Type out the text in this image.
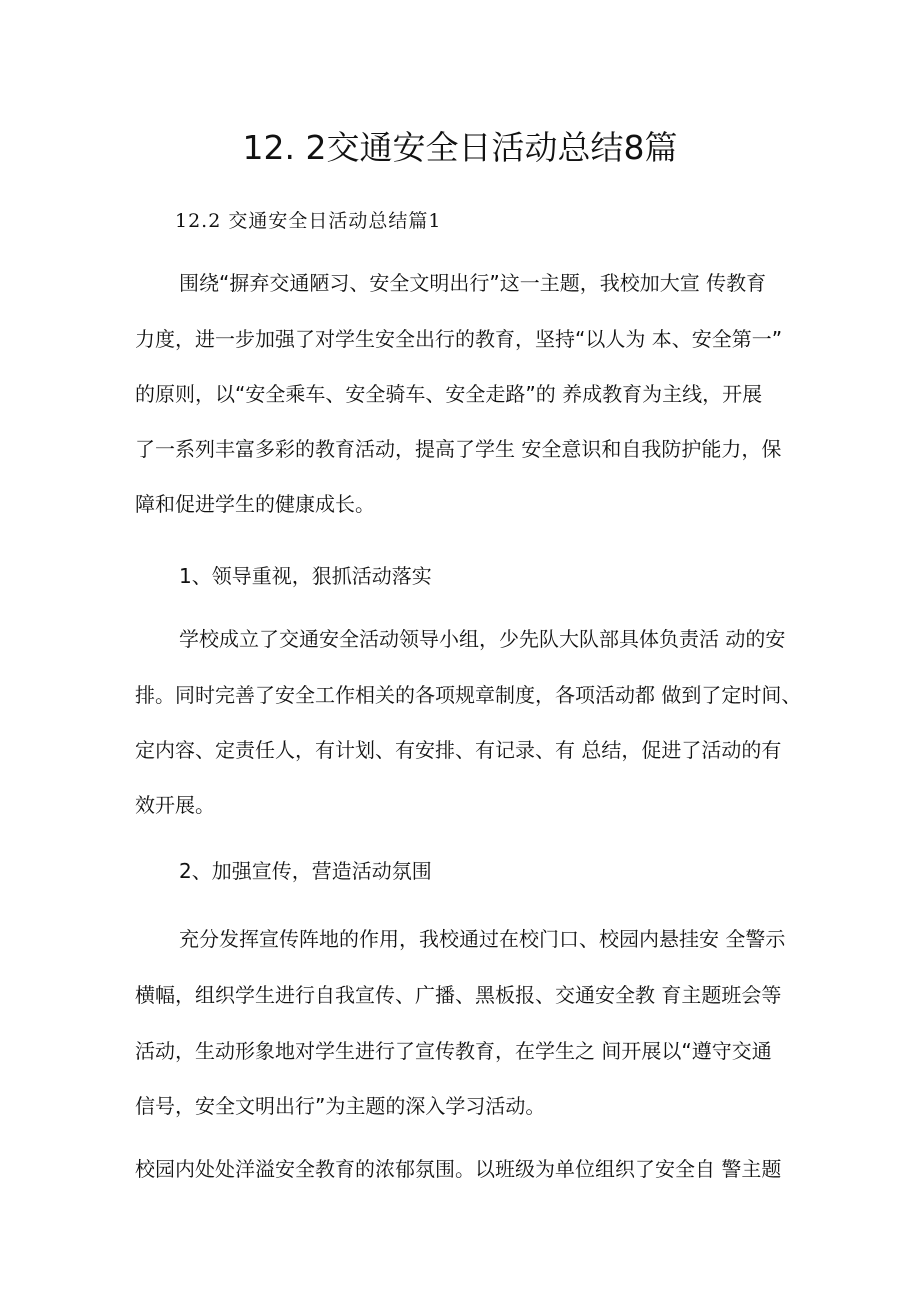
12. 2交通安全日活动总结8篇
12.2 交通安全日活动总结篇1
围绕“摒弃交通陋习、安全文明出行”这一主题，我校加大宣 传教育
力度，进一步加强了对学生安全出行的教育，坚持“以人为 本、安全第一”
的原则，以“安全乘车、安全骑车、安全走路”的 养成教育为主线，开展
了一系列丰富多彩的教育活动，提高了学生 安全意识和自我防护能力，保
障和促进学生的健康成长。
1、领导重视，狠抓活动落实
学校成立了交通安全活动领导小组，少先队大队部具体负责活 动的安
排。同时完善了安全工作相关的各项规章制度，各项活动都 做到了定时间、
定内容、定责任人，有计划、有安排、有记录、有 总结，促进了活动的有
效开展。
2、加强宣传，营造活动氛围
充分发挥宣传阵地的作用，我校通过在校门口、校园内悬挂安 全警示
横幅，组织学生进行自我宣传、广播、黑板报、交通安全教 育主题班会等
活动，生动形象地对学生进行了宣传教育，在学生之 间开展以“遵守交通
信号，安全文明出行”为主题的深入学习活动。
校园内处处洋溢安全教育的浓郁氛围。以班级为单位组织了安全自 警主题
